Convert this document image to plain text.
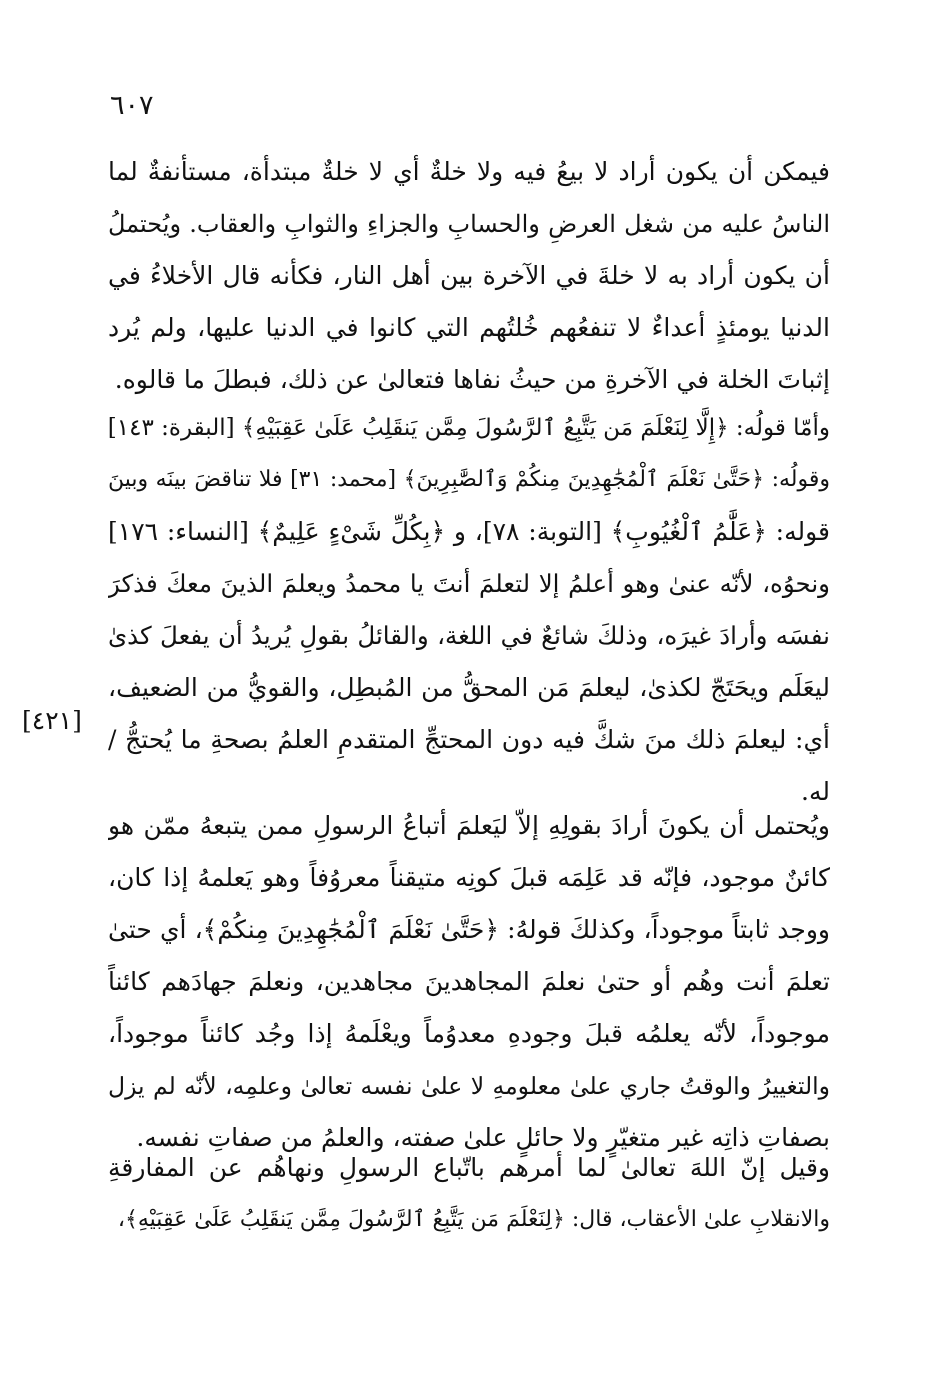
٦٠٧
[٤٢١]
فيمكن أن يكون أراد لا بيعُ فيه ولا خلةٌ أي لا خلةٌ مبتدأة، مستأنفةٌ لما
الناسُ عليه من شغل العرضِ والحسابِ والجزاءِ والثوابِ والعقاب. ويُحتملُ
أن يكون أراد به لا خلةَ في الآخرة بين أهل النار، فكأنه قال الأخلاءُ في
الدنيا يومئذٍ أعداءٌ لا تنفعُهم خُلتُهم التي كانوا في الدنيا عليها، ولم يُرد
إثباتَ الخلة في الآخرةِ من حيثُ نفاها فتعالىٰ عن ذلك، فبطلَ ما قالوه.
وأمّا قولُه: ﴿إِلَّا لِنَعْلَمَ مَن يَتَّبِعُ ٱلرَّسُولَ مِمَّن يَنقَلِبُ عَلَىٰ عَقِبَيْهِ﴾ [البقرة: ١٤٣]
وقولُه: ﴿حَتَّىٰ نَعْلَمَ ٱلْمُجَٰهِدِينَ مِنكُمْ وَٱلصَّٰبِرِينَ﴾ [محمد: ٣١] فلا تناقضَ بينَه وبينَ
قوله: ﴿عَلَّٰمُ ٱلْغُيُوبِ﴾ [التوبة: ٧٨]، و ﴿بِكُلِّ شَىْءٍ عَلِيمٌ﴾ [النساء: ١٧٦]
ونحوُه، لأنّه عنىٰ وهو أعلمُ إلا لتعلمَ أنتَ يا محمدُ ويعلمَ الذينَ معكَ فذكرَ
نفسَه وأرادَ غيرَه، وذلكَ شائعٌ في اللغة، والقائلُ بقولِ يُريدُ أن يفعلَ كذىٰ
ليعَلَم ويحَتَجّ لكذىٰ، ليعلمَ مَن المحقُّ من المُبطِل، والقويُّ من الضعيف،
أي: ليعلمَ ذلك منَ شكَّ فيه دون المحتجِّ المتقدمِ العلمُ بصحةِ ما يُحتجُّ /
له.
ويُحتمل أن يكونَ أرادَ بقولِهِ إلاّ ليَعلمَ أتباعُ الرسولِ ممن يتبعهُ ممّن هو
كائنٌ موجود، فإنّه قد عَلِمَه قبلَ كونِه متيقناً معروُفاً وهو يَعلمهُ إذا كان،
ووجد ثابتاً موجوداً، وكذلكَ قولهُ: ﴿حَتَّىٰ نَعْلَمَ ٱلْمُجَٰهِدِينَ مِنكُمْ﴾، أي حتىٰ
تعلمَ أنت وهُم أو حتىٰ نعلمَ المجاهدينَ مجاهدين، ونعلمَ جهادَهم كائناً
موجوداً، لأنّه يعلمُه قبلَ وجودهِ معدوُماً ويعْلَمهُ إذا وجُد كائناً موجوداً،
والتغييرُ والوقتُ جاري علىٰ معلومهِ لا علىٰ نفسه تعالىٰ وعلمِه، لأنّه لم يزل
بصفاتِ ذاتِه غير متغيّرٍ ولا حائلٍ علىٰ صفته، والعلمُ من صفاتِ نفسه.
وقيل إنّ اللهَ تعالىٰ لما أمرهم باتّباع الرسولِ ونهاهُم عن المفارقةِ
والانقلابِ علىٰ الأعقاب، قال: ﴿لِنَعْلَمَ مَن يَتَّبِعُ ٱلرَّسُولَ مِمَّن يَنقَلِبُ عَلَىٰ عَقِبَيْهِ﴾،
